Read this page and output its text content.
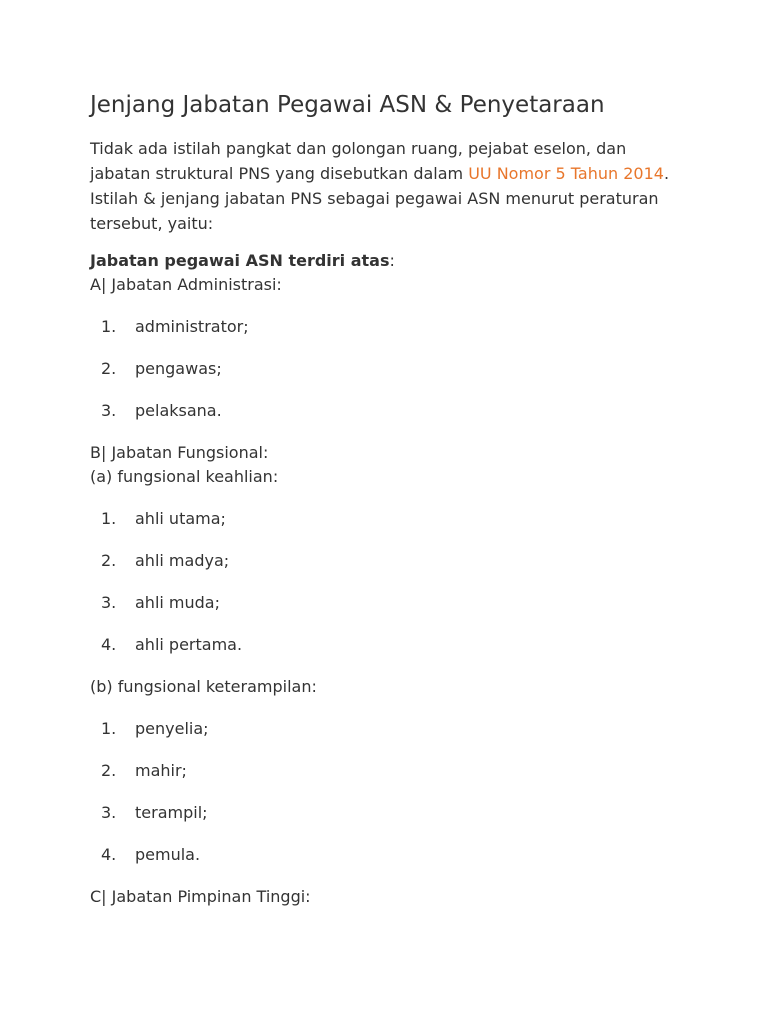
Jenjang Jabatan Pegawai ASN & Penyetaraan

Tidak ada istilah pangkat dan golongan ruang, pejabat eselon, dan jabatan struktural PNS yang disebutkan dalam UU Nomor 5 Tahun 2014. Istilah & jenjang jabatan PNS sebagai pegawai ASN menurut peraturan tersebut, yaitu:

Jabatan pegawai ASN terdiri atas:

A| Jabatan Administrasi:

1. administrator;
2. pengawas;
3. pelaksana.

B| Jabatan Fungsional:

(a) fungsional keahlian:

1. ahli utama;
2. ahli madya;
3. ahli muda;
4. ahli pertama.

(b) fungsional keterampilan:

1. penyelia;
2. mahir;
3. terampil;
4. pemula.

C| Jabatan Pimpinan Tinggi:
